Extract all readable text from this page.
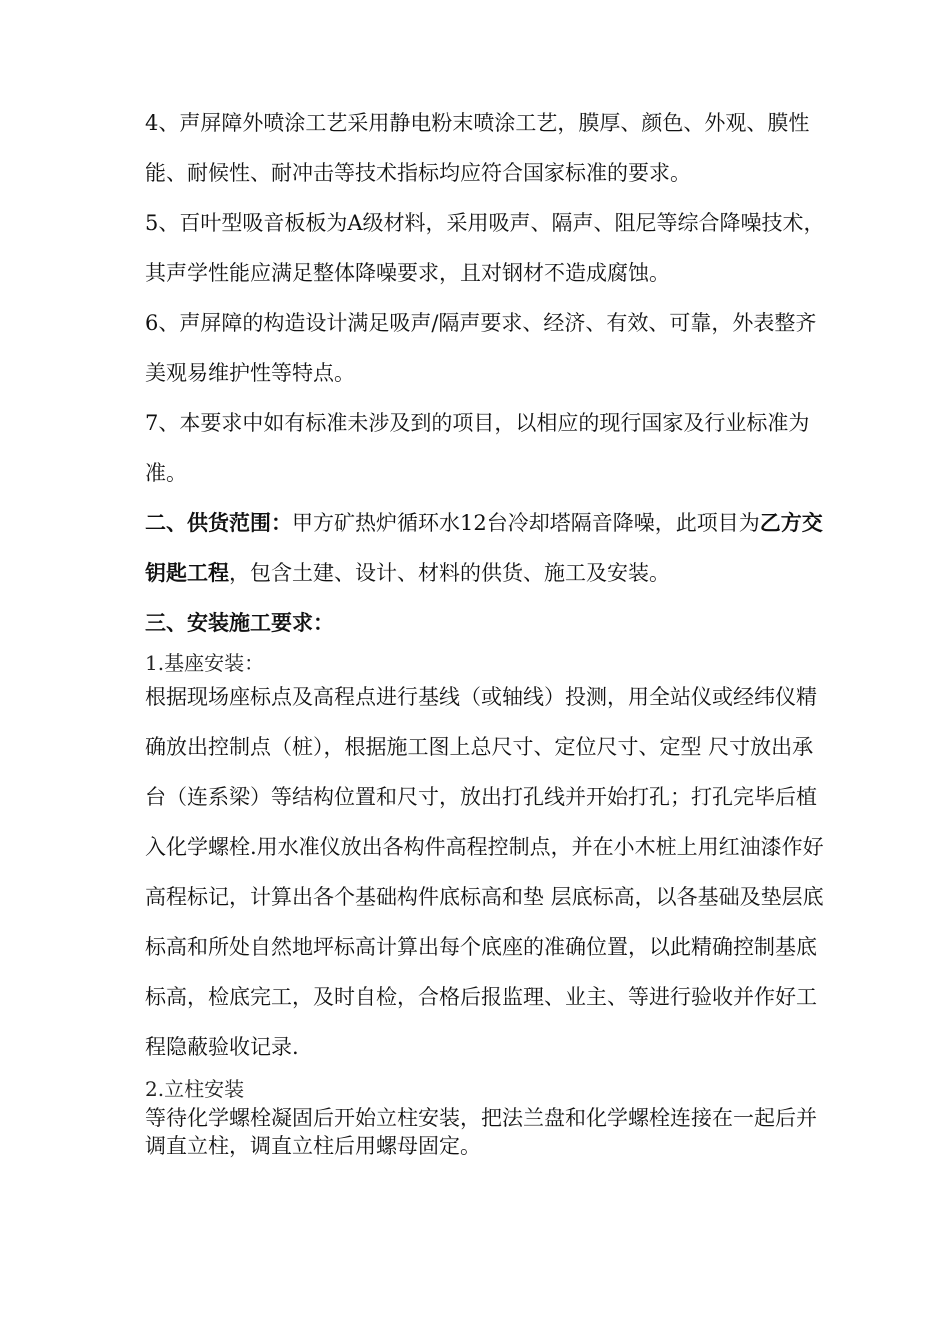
4、声屏障外喷涂工艺采用静电粉末喷涂工艺，膜厚、颜色、外观、膜性能、耐候性、耐冲击等技术指标均应符合国家标准的要求。

5、百叶型吸音板板为A级材料，采用吸声、隔声、阻尼等综合降噪技术，其声学性能应满足整体降噪要求，且对钢材不造成腐蚀。

6、声屏障的构造设计满足吸声/隔声要求、经济、有效、可靠，外表整齐美观易维护性等特点。

7、本要求中如有标准未涉及到的项目，以相应的现行国家及行业标准为准。

二、供货范围：甲方矿热炉循环水12台冷却塔隔音降噪，此项目为乙方交钥匙工程，包含土建、设计、材料的供货、施工及安装。

三、安装施工要求：

1.基座安装：

根据现场座标点及高程点进行基线（或轴线）投测，用全站仪或经纬仪精确放出控制点（桩），根据施工图上总尺寸、定位尺寸、定型 尺寸放出承台（连系梁）等结构位置和尺寸，放出打孔线并开始打孔；打孔完毕后植入化学螺栓.用水准仪放出各构件高程控制点，并在小木桩上用红油漆作好高程标记，计算出各个基础构件底标高和垫 层底标高，以各基础及垫层底标高和所处自然地坪标高计算出每个底座的准确位置，以此精确控制基底标高，检底完工，及时自检，合格后报监理、业主、等进行验收并作好工程隐蔽验收记录.

2.立柱安装

等待化学螺栓凝固后开始立柱安装，把法兰盘和化学螺栓连接在一起后并调直立柱，调直立柱后用螺母固定。
